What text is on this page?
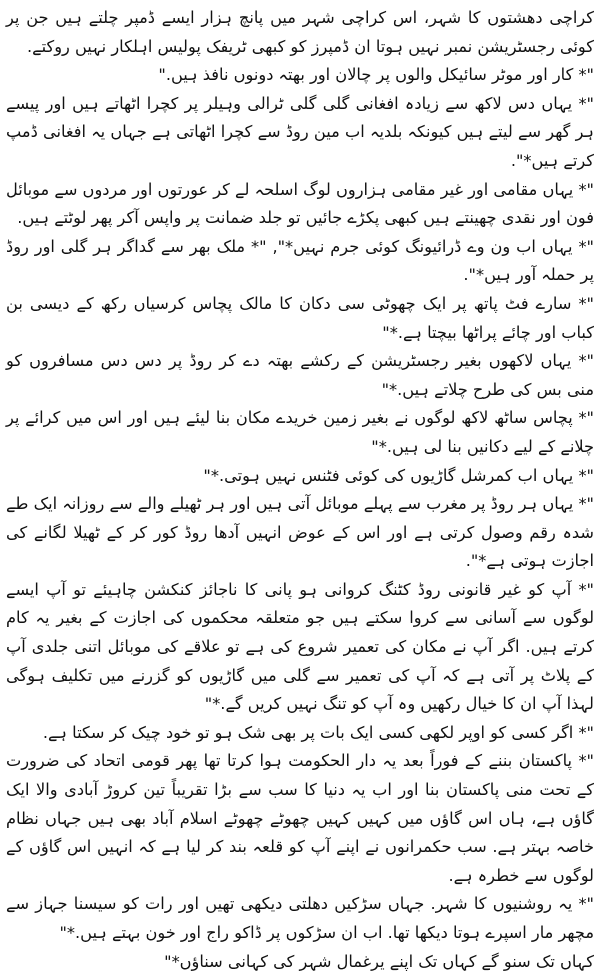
کراچی دھشتوں کا شہر، اس کراچی شہر میں پانچ ہزار ایسے ڈمپر چلتے ہیں جن پر کوئی رجسٹریشن نمبر نہیں ہوتا ان ڈمپرز کو کبھی ٹریفک پولیس اہلکار نہیں روکتے.

"* کار اور موٹر سائیکل والوں پر چالان اور بھتہ دونوں نافذ ہیں."

"* یہاں دس لاکھ سے زیادہ افغانی گلی گلی ٹرالی وہیلر پر کچرا اٹھاتے ہیں اور پیسے ہر گھر سے لیتے ہیں کیونکہ بلدیہ اب مین روڈ سے کچرا اٹھاتی ہے جہاں یہ افغانی ڈمپ کرتے ہیں*".

"* یہاں مقامی اور غیر مقامی ہزاروں لوگ اسلحہ لے کر عورتوں اور مردوں سے موبائل فون اور نقدی چھینتے ہیں کبھی پکڑے جائیں تو جلد ضمانت پر واپس آکر پھر لوٹتے ہیں.

"* یہاں اب ون وے ڈرائیونگ کوئی جرم نہیں*", "* ملک بھر سے گداگر ہر گلی اور روڈ پر حملہ آور ہیں*".

"* سارے فٹ پاتھ پر ایک چھوٹی سی دکان کا مالک پچاس کرسیاں رکھ کے دیسی بن کباب اور چائے پراٹھا بیچتا ہے.*"

"* یہاں لاکھوں بغیر رجسٹریشن کے رکشے بھتہ دے کر روڈ پر دس دس مسافروں کو منی بس کی طرح چلاتے ہیں.*"

"* پچاس ساٹھ لاکھ لوگوں نے بغیر زمین خریدے مکان بنا لیئے ہیں اور اس میں کرائے پر چلانے کے لیے دکانیں بنا لی ہیں.*"

"* یہاں اب کمرشل گاڑیوں کی کوئی فٹنس نہیں ہوتی.*"

"* یہاں ہر روڈ پر مغرب سے پہلے موبائل آتی ہیں اور ہر ٹھیلے والے سے روزانہ ایک طے شدہ رقم وصول کرتی ہے اور اس کے عوض انہیں آدھا روڈ کور کر کے ٹھیلا لگانے کی اجازت ہوتی ہے*".

"* آپ کو غیر قانونی روڈ کٹنگ کروانی ہو پانی کا ناجائز کنکشن چاہیئے تو آپ ایسے لوگوں سے آسانی سے کروا سکتے ہیں جو متعلقہ محکموں کی اجازت کے بغیر یہ کام کرتے ہیں. اگر آپ نے مکان کی تعمیر شروع کی ہے تو علاقے کی موبائل اتنی جلدی آپ کے پلاٹ پر آتی ہے کہ آپ کی تعمیر سے گلی میں گاڑیوں کو گزرنے میں تکلیف ہوگی لہذا آپ ان کا خیال رکھیں وہ آپ کو تنگ نہیں کریں گے.*"

"* اگر کسی کو اوپر لکھی کسی ایک بات پر بھی شک ہو تو خود چیک کر سکتا ہے.

"* پاکستان بننے کے فوراً بعد یہ دار الحکومت ہوا کرتا تھا پھر قومی اتحاد کی ضرورت کے تحت منی پاکستان بنا اور اب یہ دنیا کا سب سے بڑا تقریباً تین کروڑ آبادی والا ایک گاؤں ہے، ہاں اس گاؤں میں کہیں کہیں چھوٹے چھوٹے اسلام آباد بھی ہیں جہاں نظام خاصہ بہتر ہے. سب حکمرانوں نے اپنے آپ کو قلعہ بند کر لیا ہے کہ انہیں اس گاؤں کے لوگوں سے خطرہ ہے.

"* یہ روشنیوں کا شہر. جہاں سڑکیں دھلتی دیکھی تھیں اور رات کو سیسنا جہاز سے مچھر مار اسپرے ہوتا دیکھا تھا. اب ان سڑکوں پر ڈاکو راج اور خون بہتے ہیں.*"

کہاں تک سنو گے کہاں تک اپنے یرغمال شہر کی کہانی سناؤں*"
